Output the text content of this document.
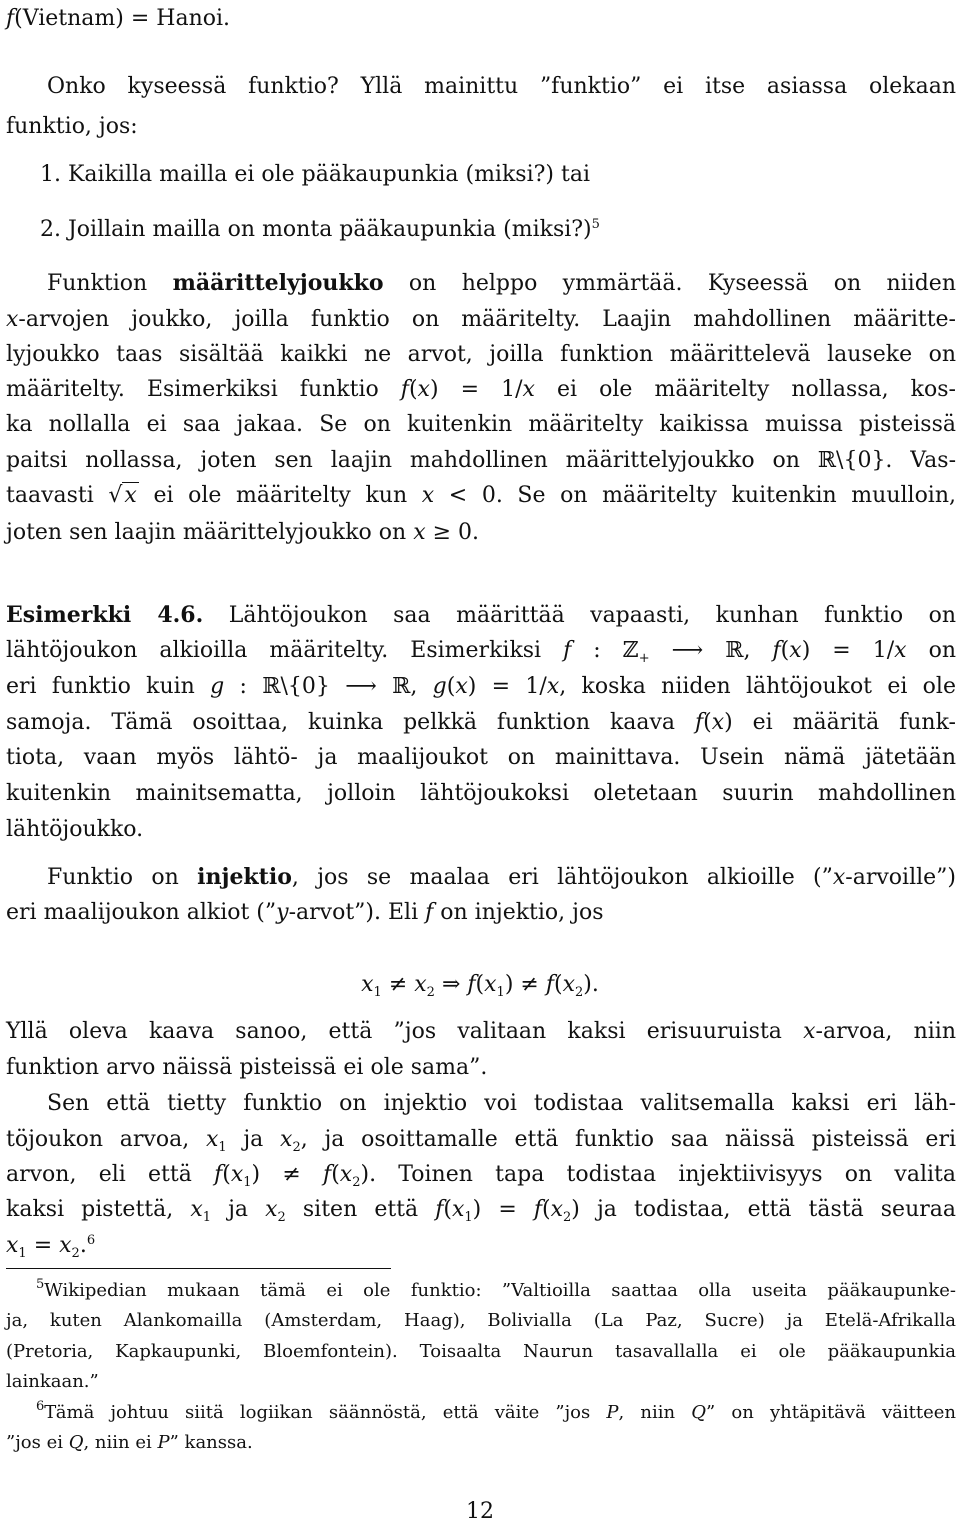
f(Vietnam) = Hanoi.
Onko kyseessä funktio? Yllä mainittu ”funktio” ei itse asiassa olekaan
funktio, jos:
1. Kaikilla mailla ei ole pääkaupunkia (miksi?) tai
2. Joillain mailla on monta pääkaupunkia (miksi?)$^5$
Funktion määrittelyjoukko on helppo ymmärtää. Kyseessä on niiden
x-arvojen joukko, joilla funktio on määritelty. Laajin mahdollinen määritte-
lyjoukko taas sisältää kaikki ne arvot, joilla funktion määrittelevä lauseke on
määritelty. Esimerkiksi funktio f(x) = 1/x ei ole määritelty nollassa, kos-
ka nollalla ei saa jakaa. Se on kuitenkin määritelty kaikissa muissa pisteissä
paitsi nollassa, joten sen laajin mahdollinen määrittelyjoukko on ℝ\{0}. Vas-
taavasti √x ei ole määritelty kun x < 0. Se on määritelty kuitenkin muulloin,
joten sen laajin määrittelyjoukko on x ≥ 0.
Esimerkki 4.6. Lähtöjoukon saa määrittää vapaasti, kunhan funktio on
lähtöjoukon alkioilla määritelty. Esimerkiksi f : ℤ$_+$ ⟶ ℝ, f(x) = 1/x on
eri funktio kuin g : ℝ\{0} ⟶ ℝ, g(x) = 1/x, koska niiden lähtöjoukot ei ole
samoja. Tämä osoittaa, kuinka pelkkä funktion kaava f(x) ei määritä funk-
tiota, vaan myös lähtö- ja maalijoukot on mainittava. Usein nämä jätetään
kuitenkin mainitsematta, jolloin lähtöjoukoksi oletetaan suurin mahdollinen
lähtöjoukko.
Funktio on injektio, jos se maalaa eri lähtöjoukon alkioille (”x-arvoille”)
eri maalijoukon alkiot (”y-arvot”). Eli f on injektio, jos
$x_1 \ne x_2$ ⇒ $f(x_1) \ne f(x_2)$.
Yllä oleva kaava sanoo, että ”jos valitaan kaksi erisuuruista x-arvoa, niin
funktion arvo näissä pisteissä ei ole sama”.
Sen että tietty funktio on injektio voi todistaa valitsemalla kaksi eri läh-
töjoukon arvoa, $x_1$ ja $x_2$, ja osoittamalle että funktio saa näissä pisteissä eri
arvon, eli että $f(x_1) \ne f(x_2)$. Toinen tapa todistaa injektiivisyys on valita
kaksi pistettä, $x_1$ ja $x_2$ siten että $f(x_1) = f(x_2)$ ja todistaa, että tästä seuraa
$x_1 = x_2.^6$
$^5$Wikipedian mukaan tämä ei ole funktio: ”Valtioilla saattaa olla useita pääkaupunke-
ja, kuten Alankomailla (Amsterdam, Haag), Bolivialla (La Paz, Sucre) ja Etelä-Afrikalla
(Pretoria, Kapkaupunki, Bloemfontein). Toisaalta Naurun tasavallalla ei ole pääkaupunkia
lainkaan.”
$^6$Tämä johtuu siitä logiikan säännöstä, että väite ”jos P, niin Q” on yhtäpitävä väitteen
”jos ei Q, niin ei P” kanssa.
12
